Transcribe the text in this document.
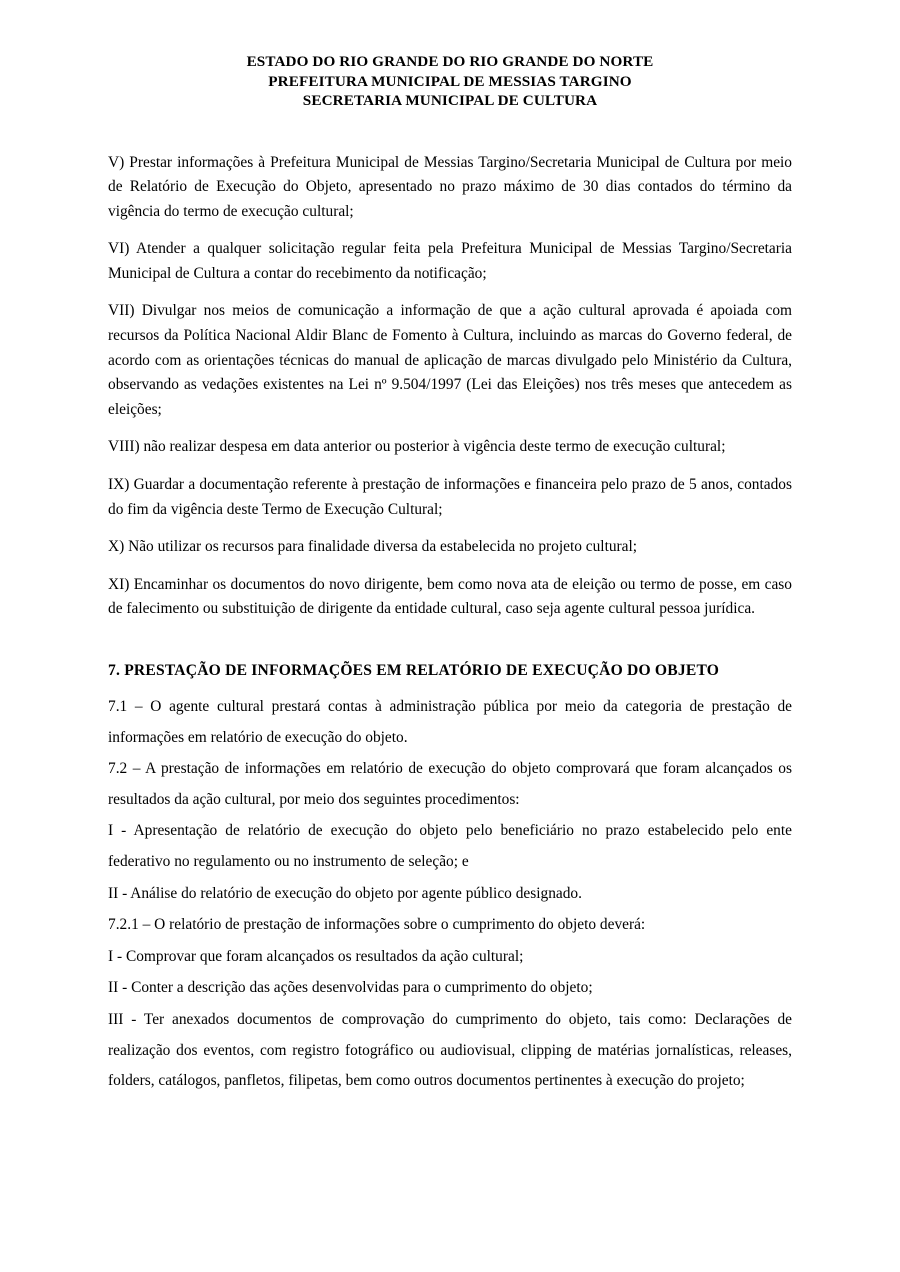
ESTADO DO RIO GRANDE DO RIO GRANDE DO NORTE
PREFEITURA MUNICIPAL DE MESSIAS TARGINO
SECRETARIA MUNICIPAL DE CULTURA

V) Prestar informações à Prefeitura Municipal de Messias Targino/Secretaria Municipal de Cultura por meio de Relatório de Execução do Objeto, apresentado no prazo máximo de 30 dias contados do término da vigência do termo de execução cultural;

VI) Atender a qualquer solicitação regular feita pela Prefeitura Municipal de Messias Targino/Secretaria Municipal de Cultura a contar do recebimento da notificação;

VII) Divulgar nos meios de comunicação a informação de que a ação cultural aprovada é apoiada com recursos da Política Nacional Aldir Blanc de Fomento à Cultura, incluindo as marcas do Governo federal, de acordo com as orientações técnicas do manual de aplicação de marcas divulgado pelo Ministério da Cultura, observando as vedações existentes na Lei nº 9.504/1997 (Lei das Eleições) nos três meses que antecedem as eleições;

VIII) não realizar despesa em data anterior ou posterior à vigência deste termo de execução cultural;

IX) Guardar a documentação referente à prestação de informações e financeira pelo prazo de 5 anos, contados do fim da vigência deste Termo de Execução Cultural;

X) Não utilizar os recursos para finalidade diversa da estabelecida no projeto cultural;

XI) Encaminhar os documentos do novo dirigente, bem como nova ata de eleição ou termo de posse, em caso de falecimento ou substituição de dirigente da entidade cultural, caso seja agente cultural pessoa jurídica.

7. PRESTAÇÃO DE INFORMAÇÕES EM RELATÓRIO DE EXECUÇÃO DO OBJETO

7.1 – O agente cultural prestará contas à administração pública por meio da categoria de prestação de informações em relatório de execução do objeto.

7.2 – A prestação de informações em relatório de execução do objeto comprovará que foram alcançados os resultados da ação cultural, por meio dos seguintes procedimentos:

I - Apresentação de relatório de execução do objeto pelo beneficiário no prazo estabelecido pelo ente federativo no regulamento ou no instrumento de seleção; e

II - Análise do relatório de execução do objeto por agente público designado.

7.2.1 – O relatório de prestação de informações sobre o cumprimento do objeto deverá:

I - Comprovar que foram alcançados os resultados da ação cultural;

II - Conter a descrição das ações desenvolvidas para o cumprimento do objeto;

III - Ter anexados documentos de comprovação do cumprimento do objeto, tais como: Declarações de realização dos eventos, com registro fotográfico ou audiovisual, clipping de matérias jornalísticas, releases, folders, catálogos, panfletos, filipetas, bem como outros documentos pertinentes à execução do projeto;
